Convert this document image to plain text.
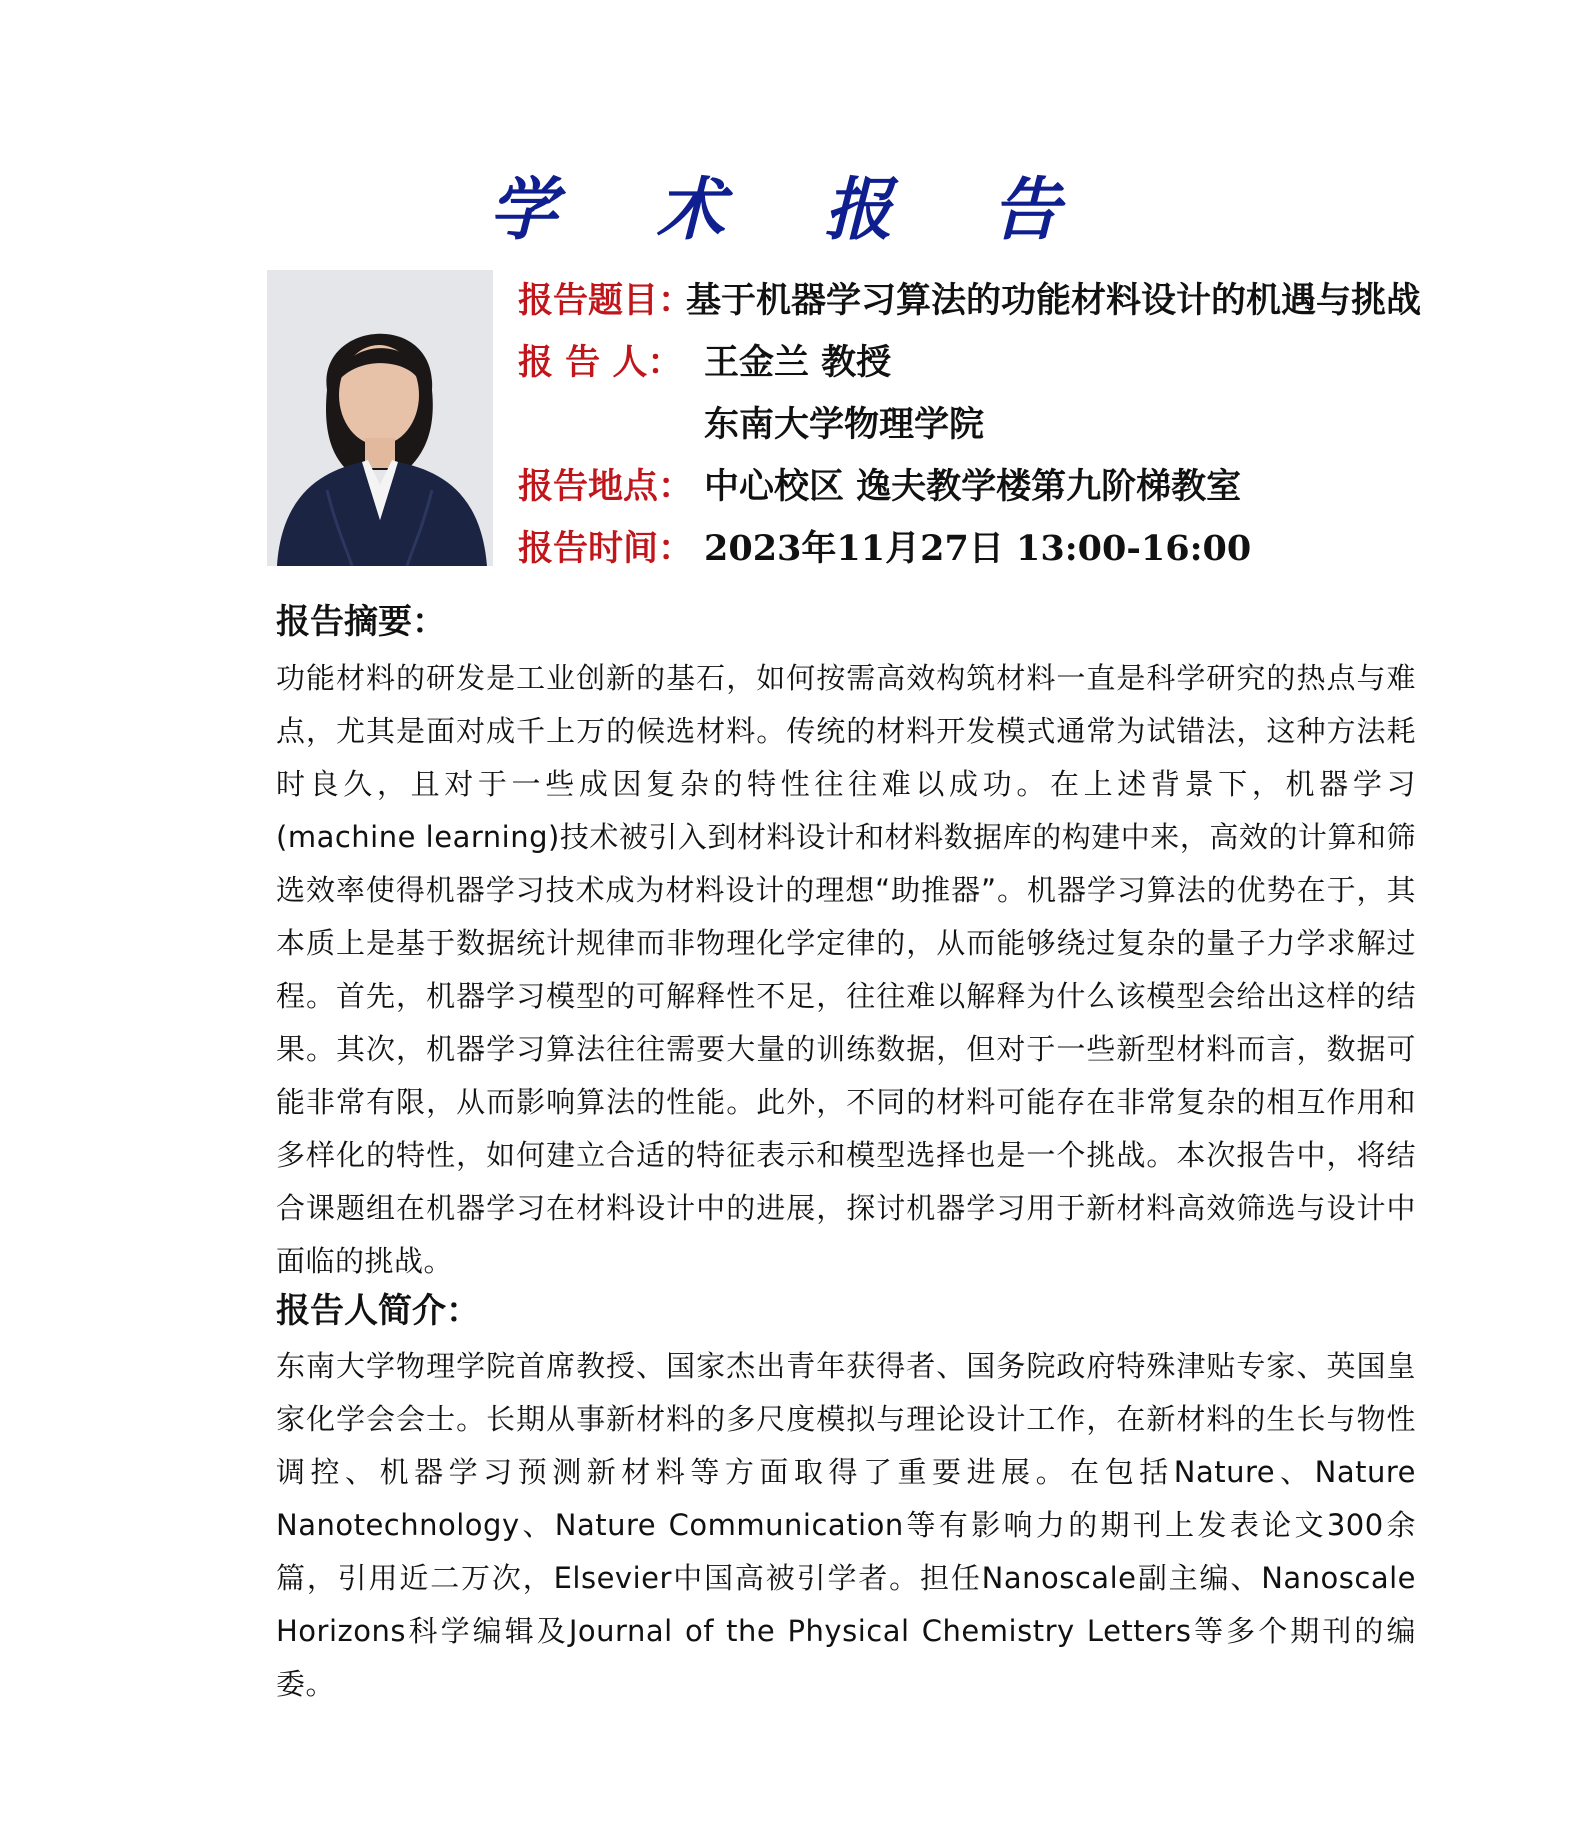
学 术 报 告
报告题目：
基于机器学习算法的功能材料设计的机遇与挑战
报 告 人： 王金兰 教授
东南大学物理学院
报告地点： 中心校区 逸夫教学楼第九阶梯教室
报告时间： 2023年11月27日 13:00-16:00
报告摘要：
功能材料的研发是工业创新的基石，如何按需高效构筑材料一直是科学研究的热点与难点，尤其是面对成千上万的候选材料。传统的材料开发模式通常为试错法，这种方法耗时良久，且对于一些成因复杂的特性往往难以成功。在上述背景下，机器学习(machine learning)技术被引入到材料设计和材料数据库的构建中来，高效的计算和筛选效率使得机器学习技术成为材料设计的理想“助推器”。机器学习算法的优势在于，其本质上是基于数据统计规律而非物理化学定律的，从而能够绕过复杂的量子力学求解过程。首先，机器学习模型的可解释性不足，往往难以解释为什么该模型会给出这样的结果。其次，机器学习算法往往需要大量的训练数据，但对于一些新型材料而言，数据可能非常有限，从而影响算法的性能。此外，不同的材料可能存在非常复杂的相互作用和多样化的特性，如何建立合适的特征表示和模型选择也是一个挑战。本次报告中，将结合课题组在机器学习在材料设计中的进展，探讨机器学习用于新材料高效筛选与设计中面临的挑战。
报告人简介：
东南大学物理学院首席教授、国家杰出青年获得者、国务院政府特殊津贴专家、英国皇家化学会会士。长期从事新材料的多尺度模拟与理论设计工作，在新材料的生长与物性调控、机器学习预测新材料等方面取得了重要进展。在包括Nature、Nature Nanotechnology、Nature Communication等有影响力的期刊上发表论文300余篇，引用近二万次，Elsevier中国高被引学者。担任Nanoscale副主编、Nanoscale Horizons科学编辑及Journal of the Physical Chemistry Letters等多个期刊的编委。
